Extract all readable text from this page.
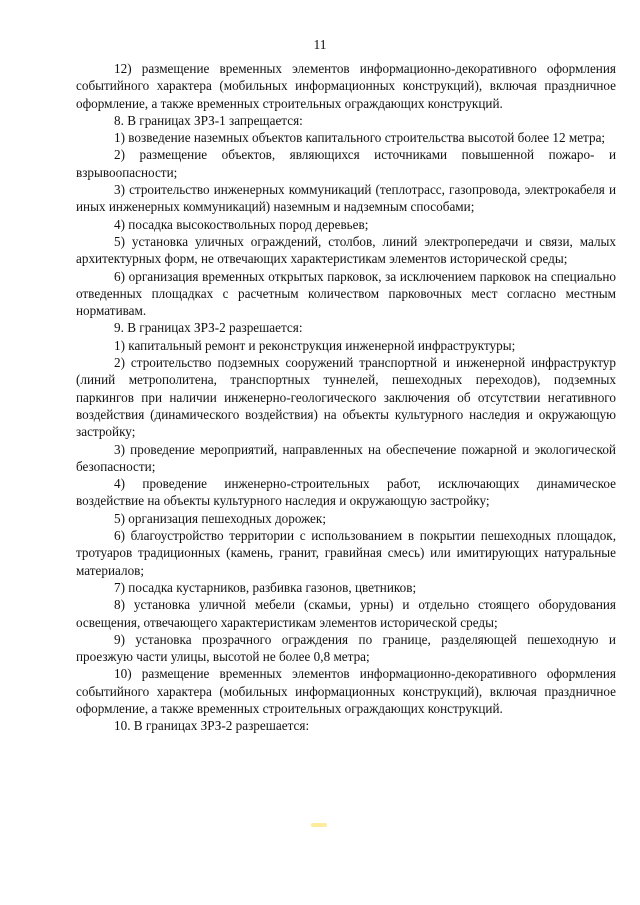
11

12) размещение временных элементов информационно-декоративного оформления событийного характера (мобильных информационных конструкций), включая праздничное оформление, а также временных строительных ограждающих конструкций.

8. В границах ЗРЗ-1 запрещается:

1) возведение наземных объектов капитального строительства высотой более 12 метра;

2) размещение объектов, являющихся источниками повышенной пожаро- и взрывоопасности;

3) строительство инженерных коммуникаций (теплотрасс, газопровода, электрокабеля и иных инженерных коммуникаций) наземным и надземным способами;

4) посадка высокоствольных пород деревьев;

5) установка уличных ограждений, столбов, линий электропередачи и связи, малых архитектурных форм, не отвечающих характеристикам элементов исторической среды;

6) организация временных открытых парковок, за исключением парковок на специально отведенных площадках с расчетным количеством парковочных мест согласно местным нормативам.

9. В границах ЗРЗ-2 разрешается:

1) капитальный ремонт и реконструкция инженерной инфраструктуры;

2) строительство подземных сооружений транспортной и инженерной инфраструктур (линий метрополитена, транспортных туннелей, пешеходных переходов), подземных паркингов при наличии инженерно-геологического заключения об отсутствии негативного воздействия (динамического воздействия) на объекты культурного наследия и окружающую застройку;

3) проведение мероприятий, направленных на обеспечение пожарной и экологической безопасности;

4) проведение инженерно-строительных работ, исключающих динамическое воздействие на объекты культурного наследия и окружающую застройку;

5) организация пешеходных дорожек;

6) благоустройство территории с использованием в покрытии пешеходных площадок, тротуаров традиционных (камень, гранит, гравийная смесь) или имитирующих натуральные материалов;

7) посадка кустарников, разбивка газонов, цветников;

8) установка уличной мебели (скамьи, урны) и отдельно стоящего оборудования освещения, отвечающего характеристикам элементов исторической среды;

9) установка прозрачного ограждения по границе, разделяющей пешеходную и проезжую части улицы, высотой не более 0,8 метра;

10) размещение временных элементов информационно-декоративного оформления событийного характера (мобильных информационных конструкций), включая праздничное оформление, а также временных строительных ограждающих конструкций.

10. В границах ЗРЗ-2 разрешается:
